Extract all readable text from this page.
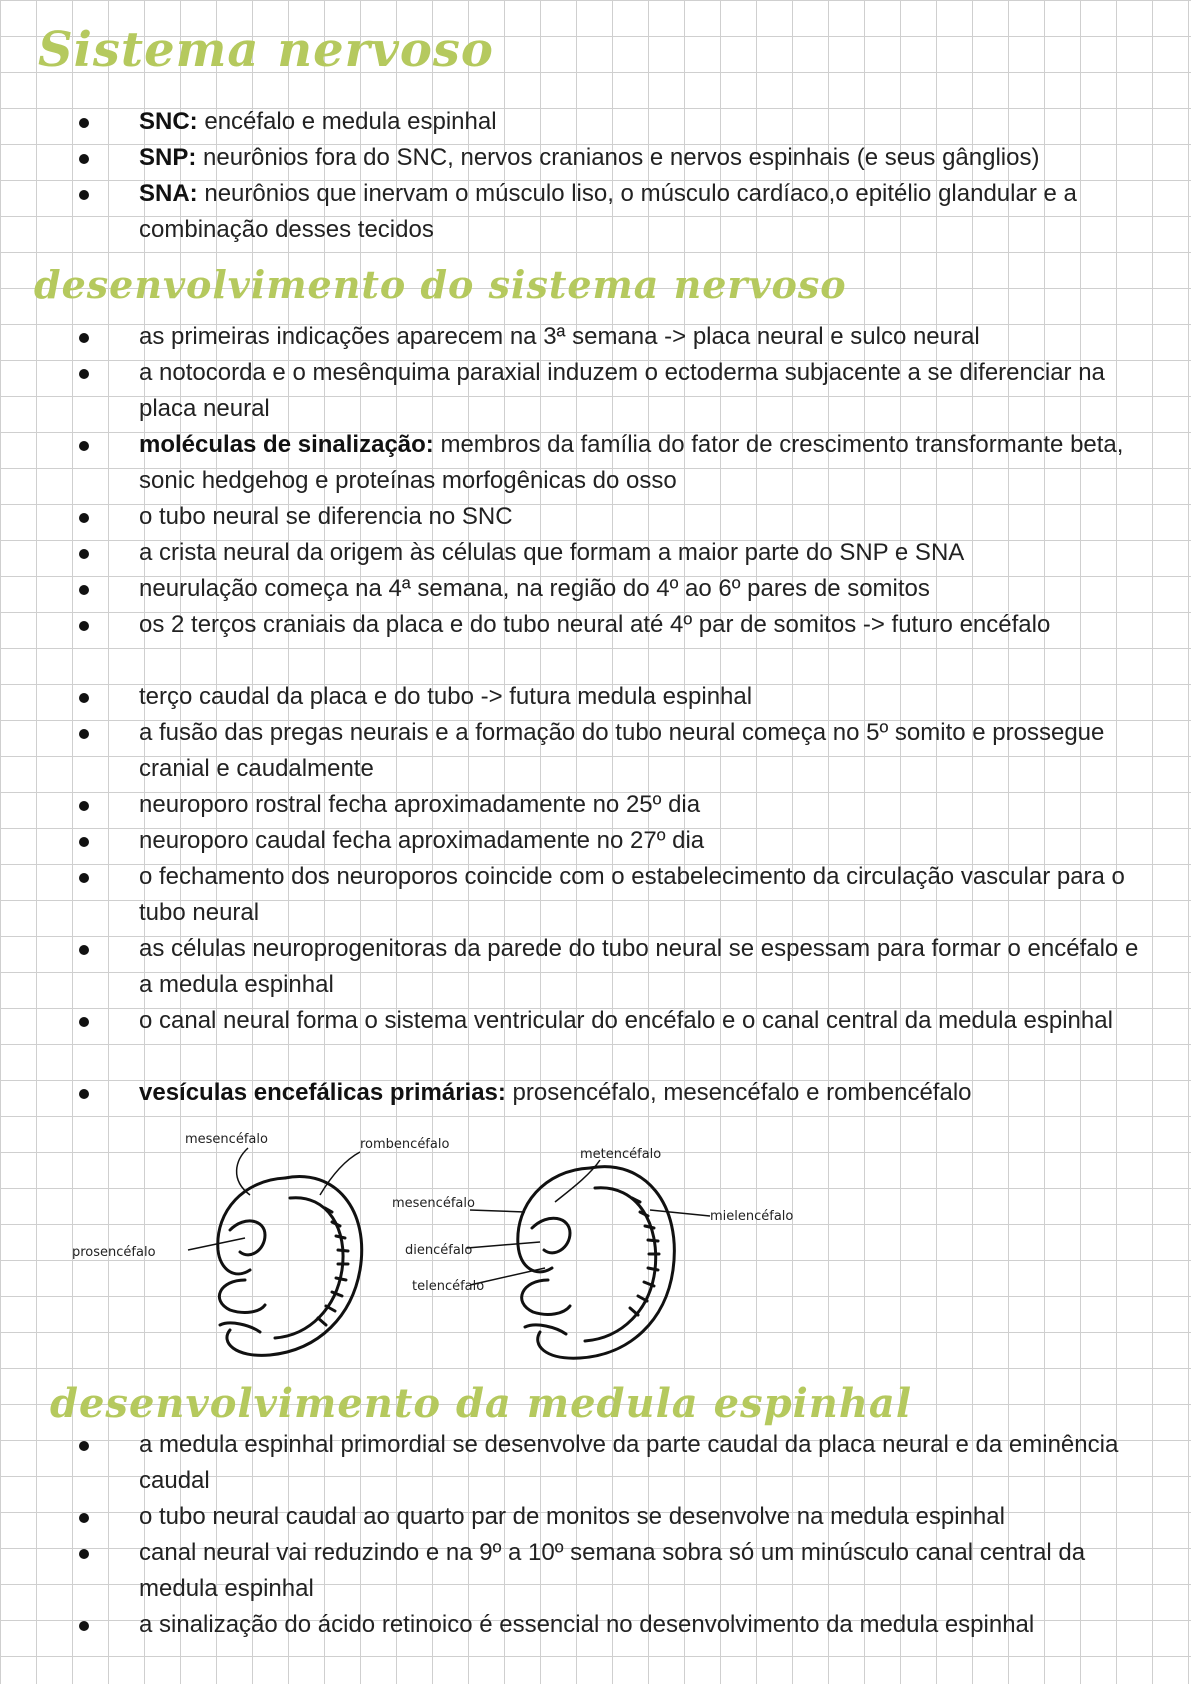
Sistema nervoso
SNC: encéfalo e medula espinhal
SNP: neurônios fora do SNC, nervos cranianos e nervos espinhais (e seus gânglios)
SNA: neurônios que inervam o músculo liso, o músculo cardíaco,o epitélio glandular e a combinação desses tecidos
desenvolvimento do sistema nervoso
as primeiras indicações aparecem na 3ª semana -> placa neural e sulco neural
a notocorda e o mesênquima paraxial induzem o ectoderma subjacente a se diferenciar na placa neural
moléculas de sinalização: membros da família do fator de crescimento transformante beta, sonic hedgehog e proteínas morfogênicas do osso
o tubo neural se diferencia no SNC
a crista neural da origem às células que formam a maior parte do SNP e SNA
neurulação começa na 4ª semana, na região do 4º ao 6º pares de somitos
os 2 terços craniais da placa e do tubo neural até 4º par de somitos -> futuro encéfalo
terço caudal da placa e do tubo -> futura medula espinhal
a fusão das pregas neurais e a formação do tubo neural começa no 5º somito e prossegue cranial e caudalmente
neuroporo rostral fecha aproximadamente no 25º dia
neuroporo caudal fecha aproximadamente no 27º dia
o fechamento dos neuroporos coincide com o estabelecimento da circulação vascular para o tubo neural
as células neuroprogenitoras da parede do tubo neural se espessam para formar o encéfalo e a medula espinhal
o canal neural forma o sistema ventricular do encéfalo e o canal central da medula espinhal
vesículas encefálicas primárias: prosencéfalo, mesencéfalo e rombencéfalo
mesencéfalo	rombencéfalo
prosencéfalo
metencéfalo
mesencéfalo
mielencéfalo
diencéfalo
telencéfalo
desenvolvimento da medula espinhal
a medula espinhal primordial se desenvolve da parte caudal da placa neural e da eminência caudal
o tubo neural caudal ao quarto par de monitos se desenvolve na medula espinhal
canal neural vai reduzindo e na 9º a 10º semana sobra só um minúsculo canal central da medula espinhal
a sinalização do ácido retinoico é essencial no desenvolvimento da medula espinhal
